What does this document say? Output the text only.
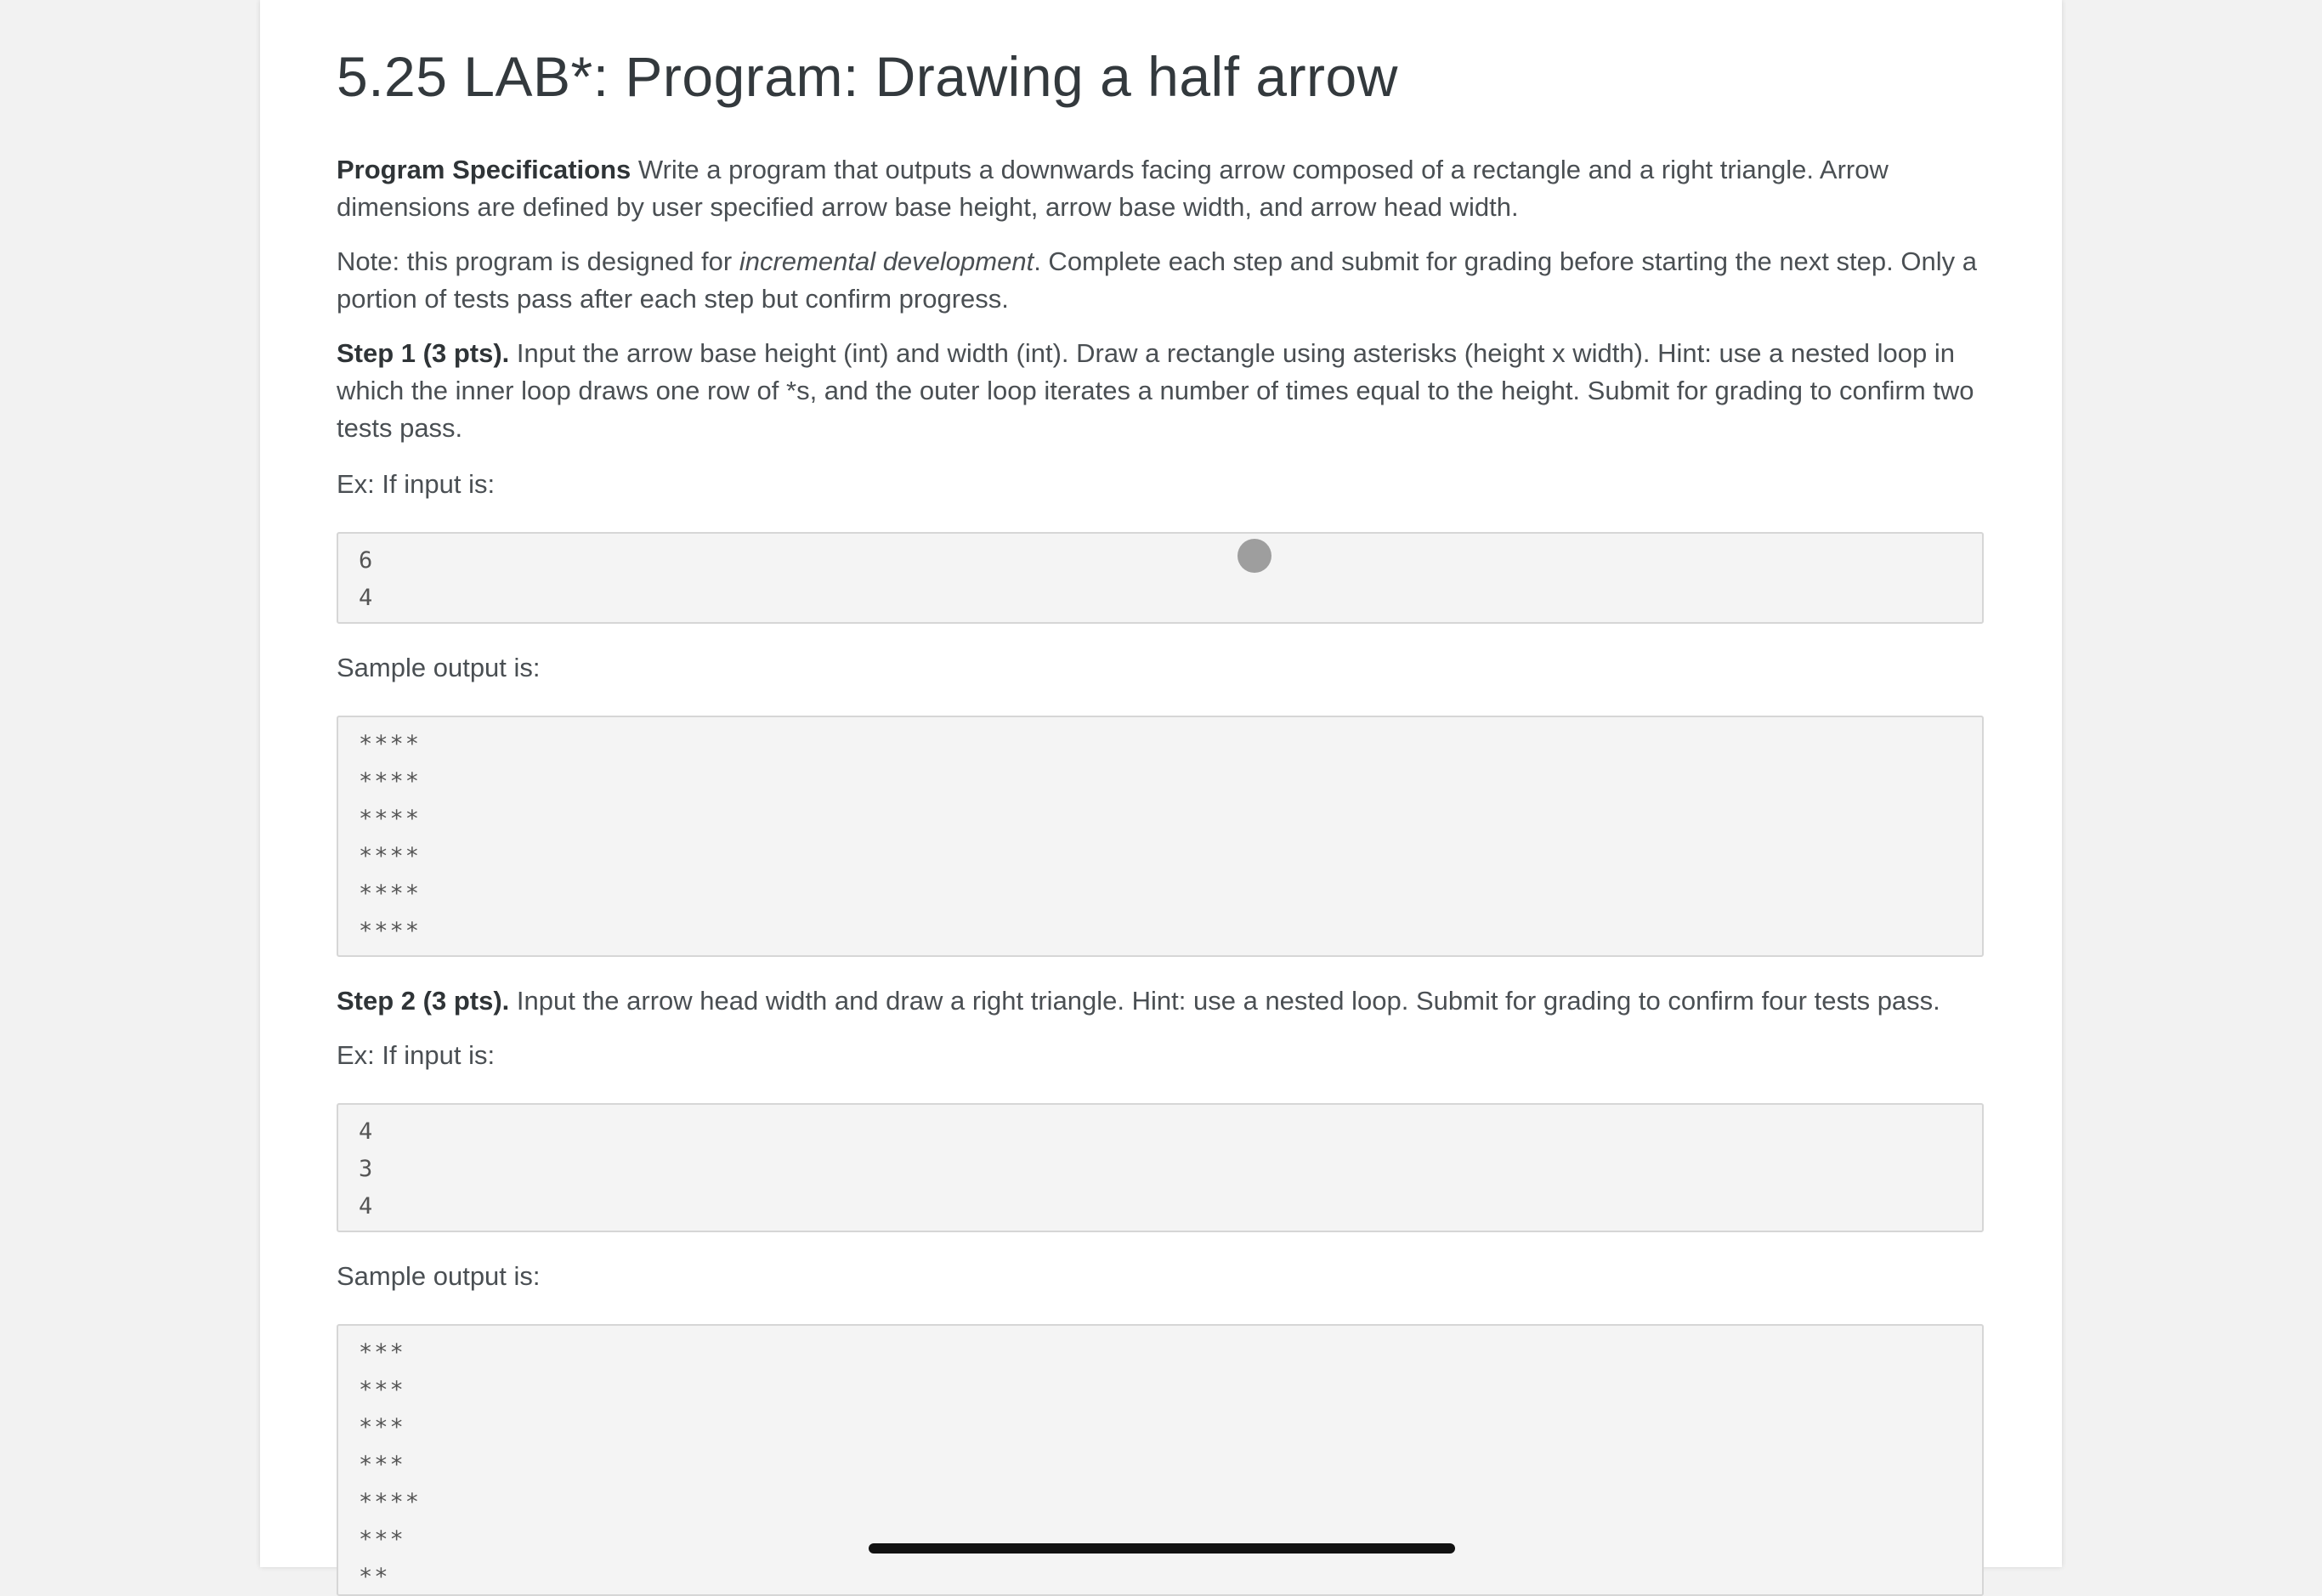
5.25 LAB*: Program: Drawing a half arrow

Program Specifications Write a program that outputs a downwards facing arrow composed of a rectangle and a right triangle. Arrow dimensions are defined by user specified arrow base height, arrow base width, and arrow head width.

Note: this program is designed for incremental development. Complete each step and submit for grading before starting the next step. Only a portion of tests pass after each step but confirm progress.

Step 1 (3 pts). Input the arrow base height (int) and width (int). Draw a rectangle using asterisks (height x width). Hint: use a nested loop in which the inner loop draws one row of *s, and the outer loop iterates a number of times equal to the height. Submit for grading to confirm two tests pass.

Ex: If input is:

6
4

Sample output is:

****
****
****
****
****
****

Step 2 (3 pts). Input the arrow head width and draw a right triangle. Hint: use a nested loop. Submit for grading to confirm four tests pass.

Ex: If input is:

4
3
4

Sample output is:

***
***
***
***
****
***
**
